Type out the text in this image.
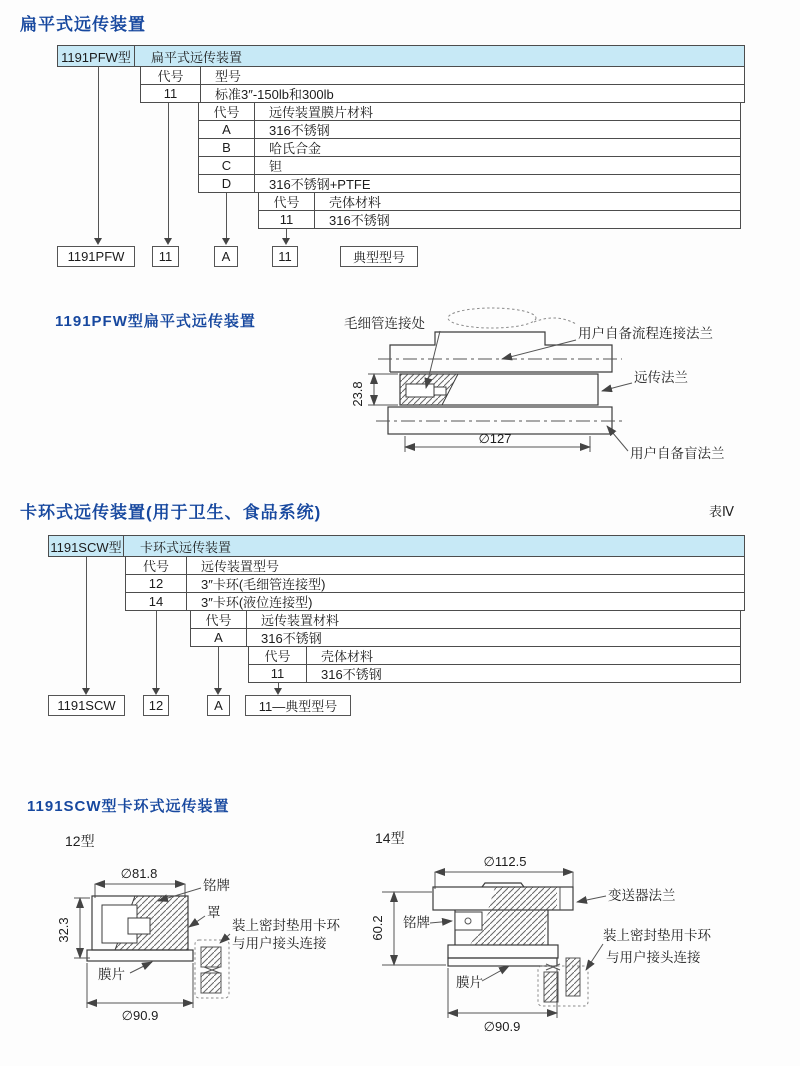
扁平式远传装置
1191PFW型	扁平式远传装置
代号	型号
11	标准3″-150lb和300lb
代号	远传装置膜片材料
A	316不锈钢
B	哈氏合金
C	钽
D	316不锈钢+PTFE
代号	壳体材料
11	316不锈钢
1191PFW	11	A	11	典型型号
1191PFW型扁平式远传装置
23.8
∅127
毛细管连接处
用户自备流程连接法兰
远传法兰
用户自备盲法兰
卡环式远传装置(用于卫生、食品系统)	表Ⅳ
1191SCW型	卡环式远传装置
代号	远传装置型号
12	3″卡环(毛细管连接型)
14	3″卡环(液位连接型)
代号	远传装置材料
A	316不锈钢
代号	壳体材料
11	316不锈钢
1191SCW	12	A	11—典型型号
1191SCW型卡环式远传装置
12型	14型
∅81.8
32.3
∅90.9
铭牌
罩
装上密封垫用卡环
与用户接头连接
膜片
∅112.5
60.2
∅90.9
变送器法兰
铭牌
装上密封垫用卡环
与用户接头连接
膜片
